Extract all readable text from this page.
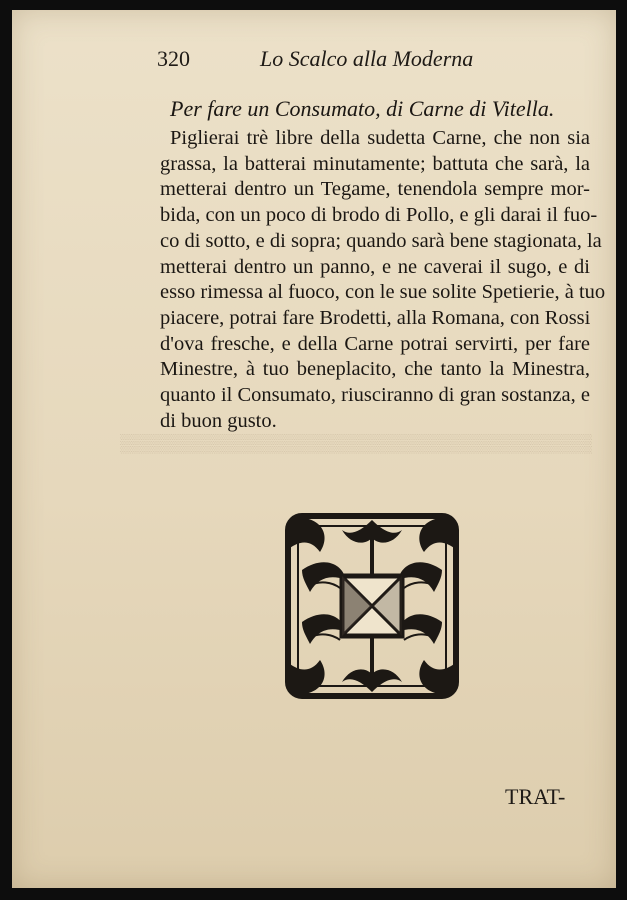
▒▒▒▒▒▒▒▒▒▒▒▒▒▒▒▒▒▒▒▒▒▒▒▒▒▒▒▒▒▒▒▒▒▒▒▒▒
320	Lo Scalco alla Moderna
Per fare un Consumato, di Carne di Vitella.
Piglierai trè libre della sudetta Carne, che non sia
grassa, la batterai minutamente; battuta che sarà, la
metterai dentro un Tegame, tenendola sempre mor-
bida, con un poco di brodo di Pollo, e gli darai il fuo-
co di sotto, e di sopra; quando sarà bene stagionata, la
metterai dentro un panno, e ne caverai il sugo, e di
esso rimessa al fuoco, con le sue solite Spetierie, à tuo
piacere, potrai fare Brodetti, alla Romana, con Rossi
d'ova fresche, e della Carne potrai servirti, per fare
Minestre, à tuo beneplacito, che tanto la Minestra,
quanto il Consumato, riusciranno di gran sostanza, e
di buon gusto.
TRAT-
